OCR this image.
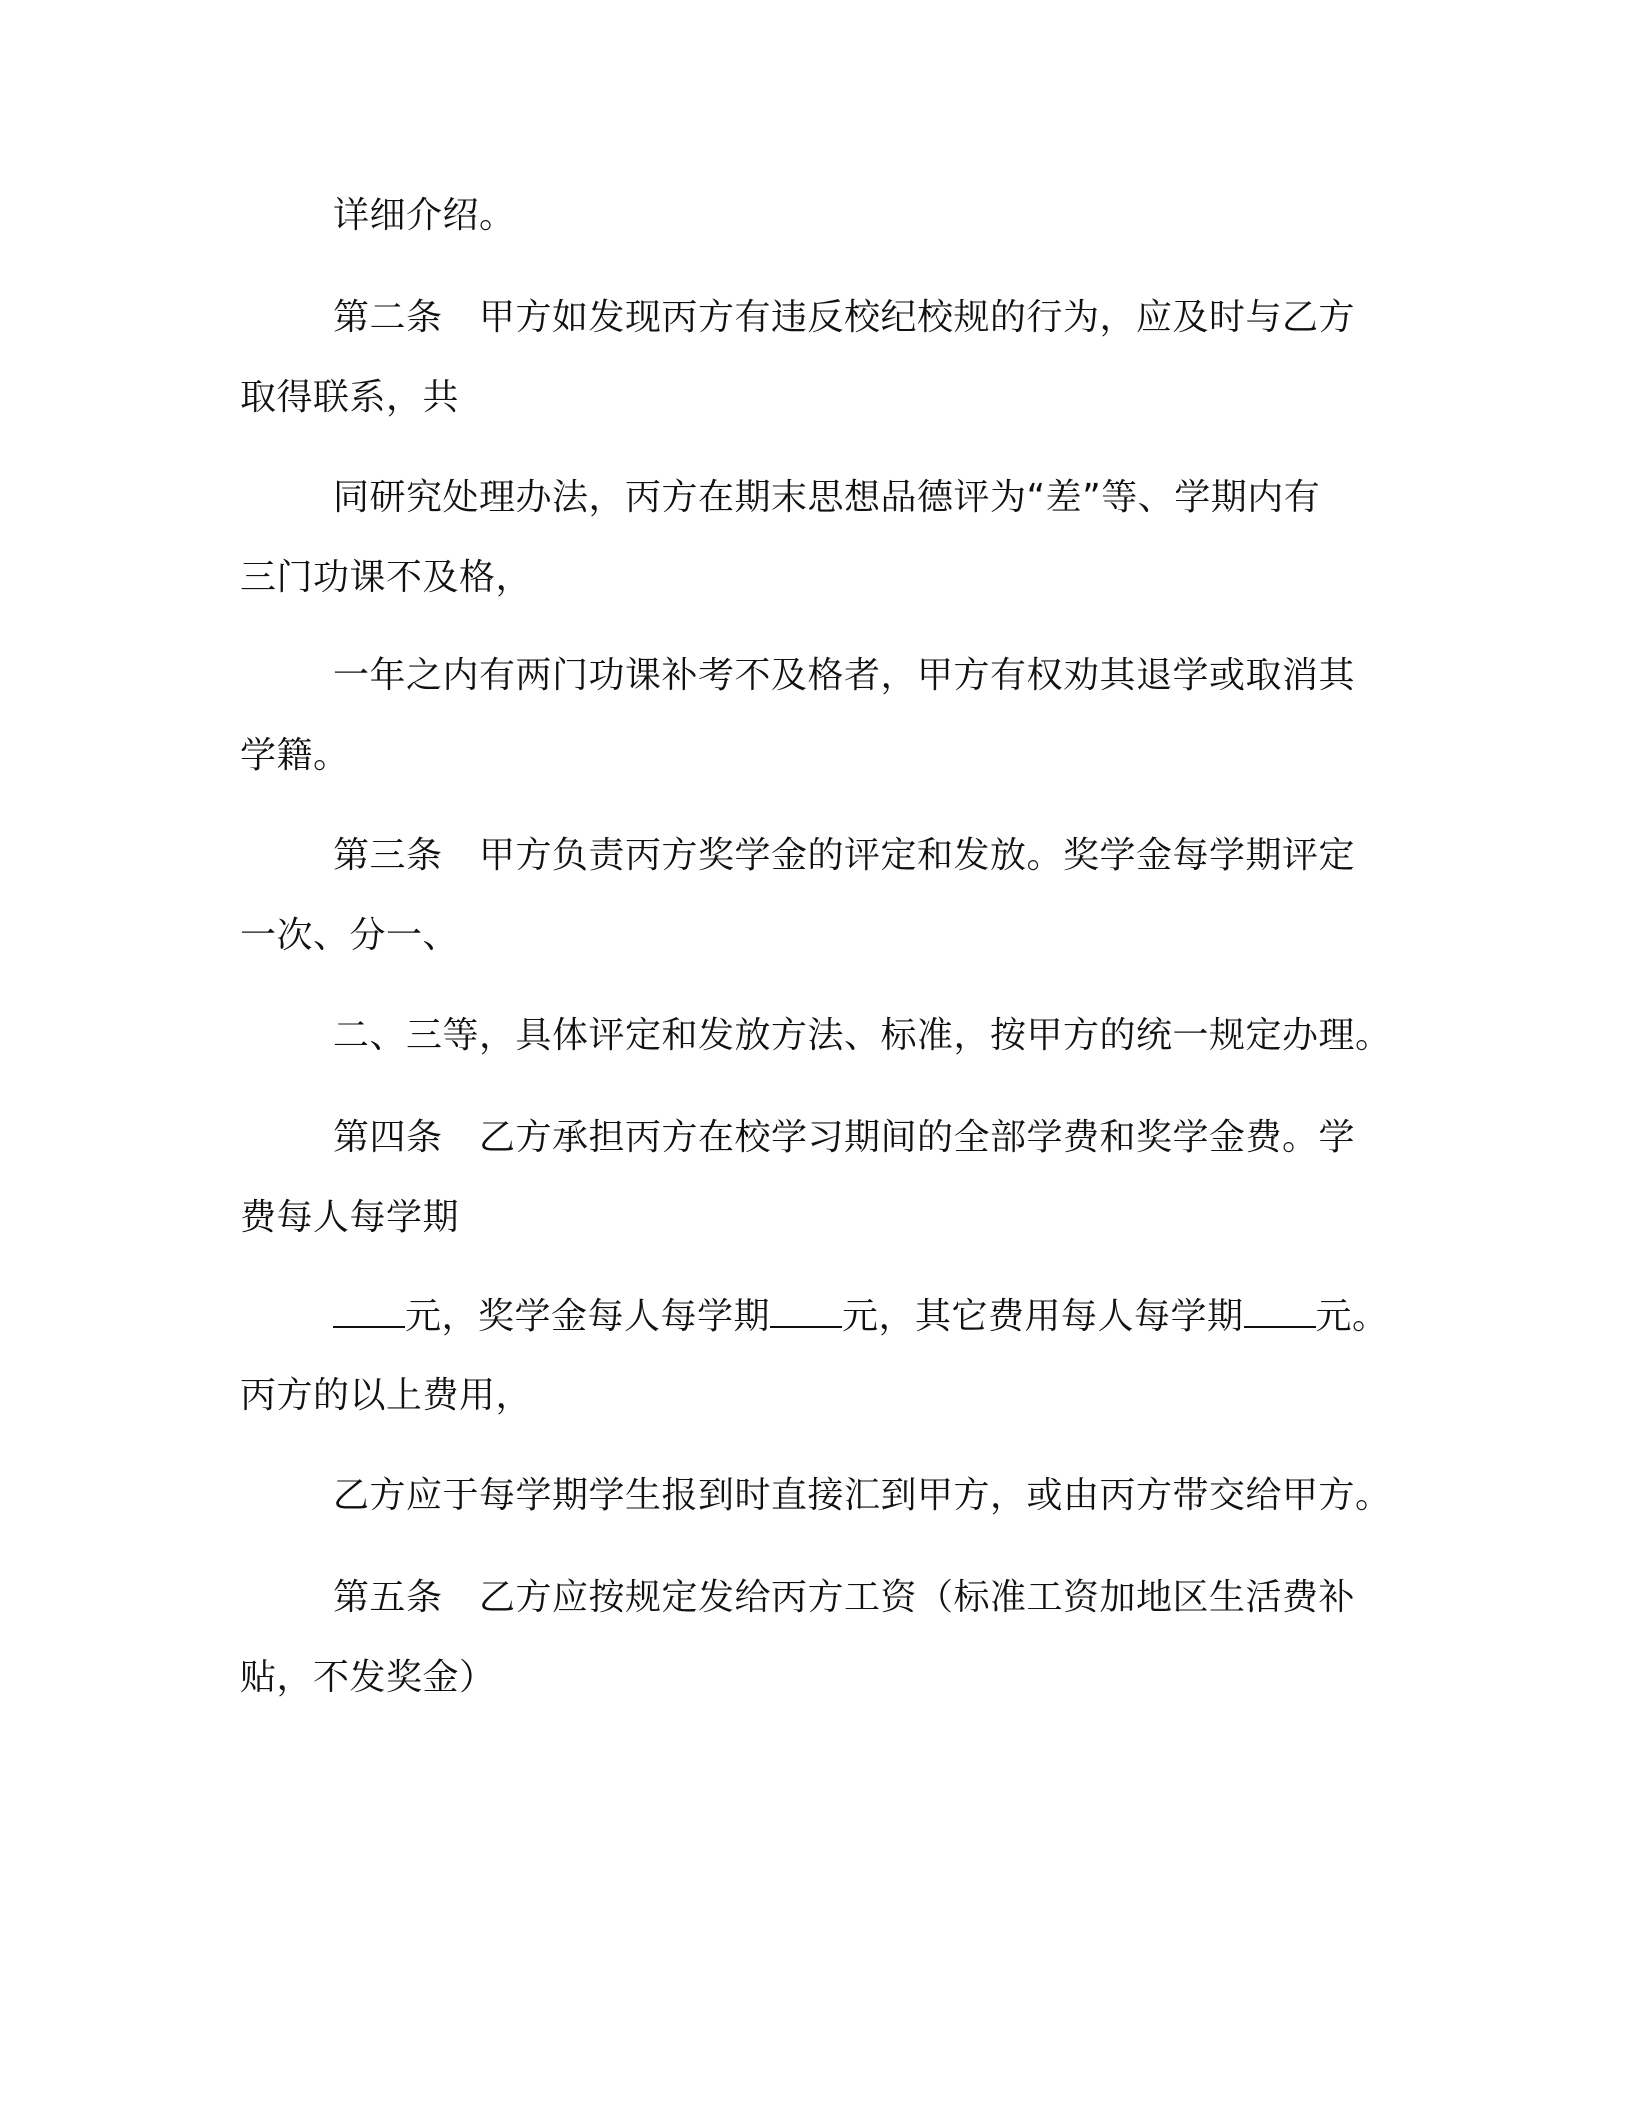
详细介绍。
第二条　甲方如发现丙方有违反校纪校规的行为，应及时与乙方
取得联系，共
同研究处理办法，丙方在期末思想品德评为“差”等、学期内有
三门功课不及格，
一年之内有两门功课补考不及格者，甲方有权劝其退学或取消其
学籍。
第三条　甲方负责丙方奖学金的评定和发放。奖学金每学期评定
一次、分一、
二、三等，具体评定和发放方法、标准，按甲方的统一规定办理。
第四条　乙方承担丙方在校学习期间的全部学费和奖学金费。学
费每人每学期
元，奖学金每人每学期 元，其它费用每人每学期 元。
丙方的以上费用，
乙方应于每学期学生报到时直接汇到甲方，或由丙方带交给甲方。
第五条　乙方应按规定发给丙方工资（标准工资加地区生活费补
贴，不发奖金）
